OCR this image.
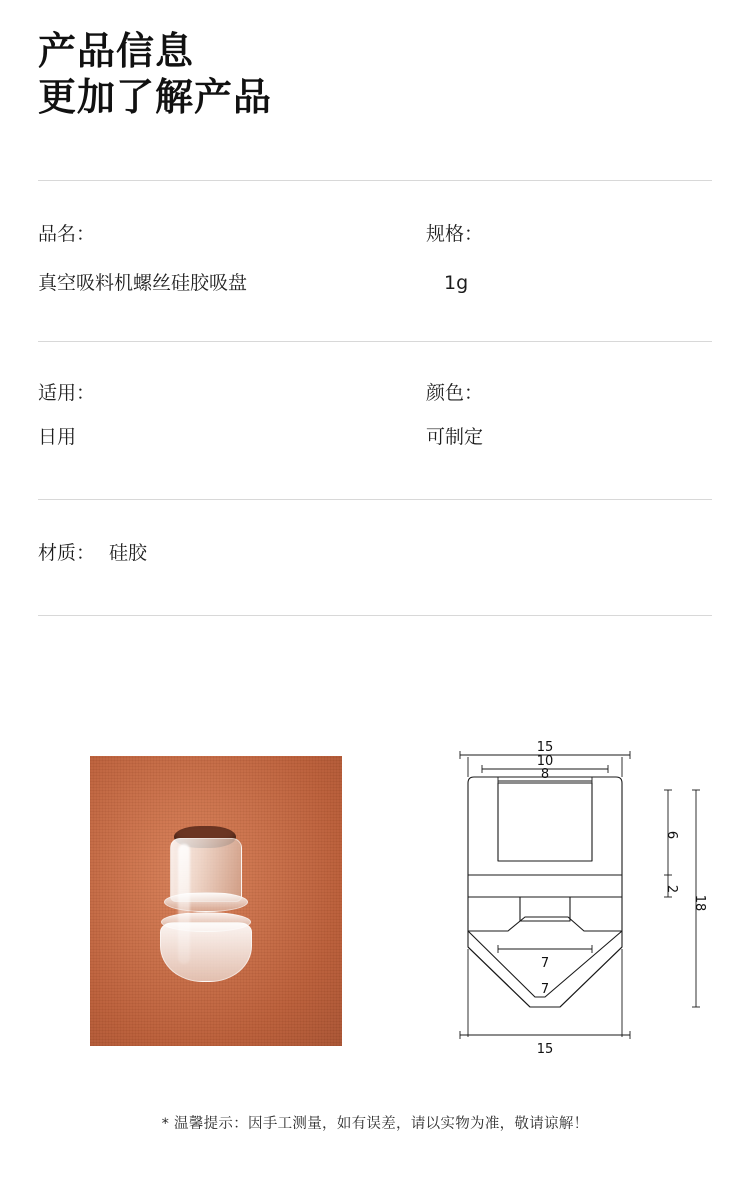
产品信息
更加了解产品
品名：
真空吸料机螺丝硅胶吸盘
规格：
1g
适用：
日用
颜色：
可制定
材质： 硅胶
15
10
8
7
7
15
6
2
18
* 温馨提示：因手工测量，如有误差，请以实物为准，敬请谅解！
